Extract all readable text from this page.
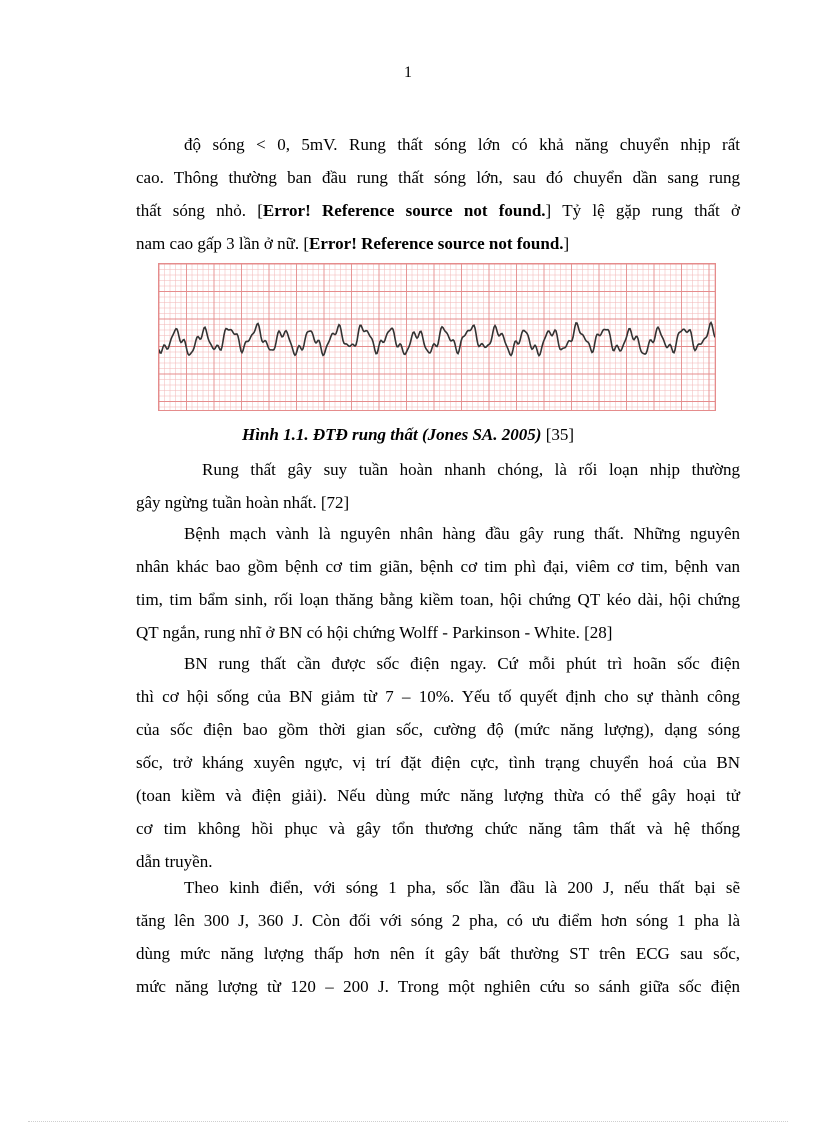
1
độ sóng < 0, 5mV. Rung thất sóng lớn có khả năng chuyển nhịp rất
cao. Thông thường ban đầu rung thất sóng lớn, sau đó chuyển dần sang rung
thất sóng nhỏ. [Error! Reference source not found.] Tỷ lệ gặp rung thất ở
nam cao gấp 3 lần ở nữ. [Error! Reference source not found.]
Hình 1.1. ĐTĐ rung thất (Jones SA. 2005) [35]
Rung thất gây suy tuần hoàn nhanh chóng, là rối loạn nhịp thường
gây ngừng tuần hoàn nhất. [72]
Bệnh mạch vành là nguyên nhân hàng đầu gây rung thất. Những nguyên
nhân khác bao gồm bệnh cơ tim giãn, bệnh cơ tim phì đại, viêm cơ tim, bệnh van
tim, tim bẩm sinh, rối loạn thăng bằng kiềm toan, hội chứng QT kéo dài, hội chứng
QT ngắn, rung nhĩ ở BN có hội chứng Wolff - Parkinson - White. [28]
BN rung thất cần được sốc điện ngay. Cứ mỗi phút trì hoãn sốc điện
thì cơ hội sống của BN giảm từ 7 – 10%. Yếu tố quyết định cho sự thành công
của sốc điện bao gồm thời gian sốc, cường độ (mức năng lượng), dạng sóng
sốc, trở kháng xuyên ngực, vị trí đặt điện cực, tình trạng chuyển hoá của BN
(toan kiềm và điện giải). Nếu dùng mức năng lượng thừa có thể gây hoại tử
cơ tim không hồi phục và gây tổn thương chức năng tâm thất và hệ thống
dẫn truyền.
Theo kinh điển, với sóng 1 pha, sốc lần đầu là 200 J, nếu thất bại sẽ
tăng lên 300 J, 360 J. Còn đối với sóng 2 pha, có ưu điểm hơn sóng 1 pha là
dùng mức năng lượng thấp hơn nên ít gây bất thường ST trên ECG sau sốc,
mức năng lượng từ 120 – 200 J. Trong một nghiên cứu so sánh giữa sốc điện
